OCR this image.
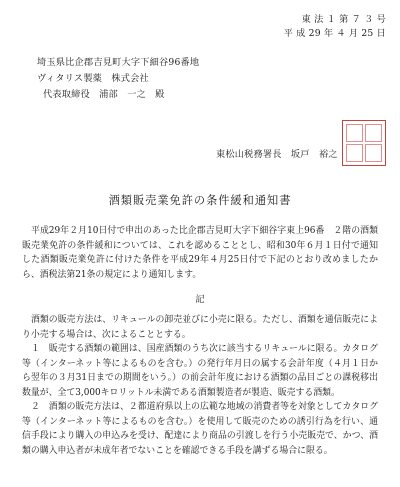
東 法 １ 第 ７ ３ 号
平 成 29 年 ４ 月 25 日
埼玉県比企郡吉見町大字下細谷96番地
ヴィタリス製薬　株式会社
代表取締役 浦部　一之 殿
東松山税務署長 坂戸　裕之
酒類販売業免許の条件緩和通知書
平成29年２月10日付で申出のあった比企郡吉見町大字下細谷字東上96番　２階の酒類販売業免許の条件緩和については、これを認めることとし、昭和30年６月１日付で通知した酒類販売業免許に付けた条件を平成29年４月25日付で下記のとおり改めましたから、酒税法第21条の規定により通知します。
記
酒類の販売方法は、リキュールの卸売並びに小売に限る。ただし、酒類を通信販売により小売する場合は、次によることとする。
１　販売する酒類の範囲は、国産酒類のうち次に該当するリキュールに限る。カタログ等（インターネット等によるものを含む。）の発行年月日の属する会計年度（４月１日から翌年の３月31日までの期間をいう。）の前会計年度における酒類の品目ごとの課税移出数量が、全て3,000キロリットル未満である酒類製造者が製造、販売する酒類。
２　酒類の販売方法は、２都道府県以上の広範な地域の消費者等を対象としてカタログ等（インターネット等によるものを含む。）を使用して販売のための誘引行為を行い、通信手段により購入の申込みを受け、配達により商品の引渡しを行う小売販売で、かつ、酒類の購入申込者が未成年者でないことを確認できる手段を講ずる場合に限る。
